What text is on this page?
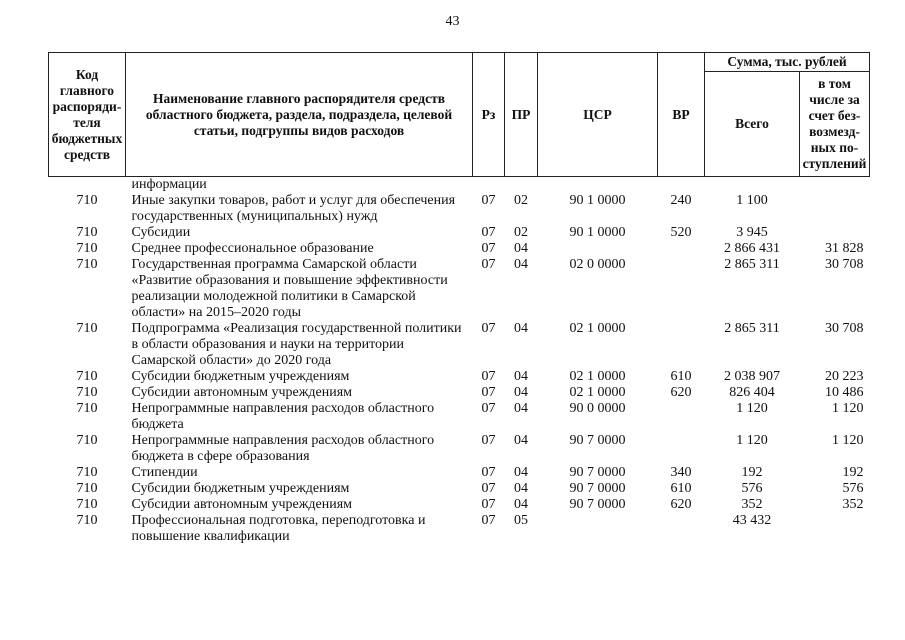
43
Код главного распорядителя бюджетных средств	Наименование главного распорядителя средств областного бюджета, раздела, подраздела, целевой статьи, подгруппы видов расходов	Рз	ПР	ЦСР	ВР	Сумма, тыс. рублей	
						Всего	в том числе за счет безвозмездных поступлений
	информации						
710	Иные закупки товаров, работ и услуг для обеспечения государственных (муниципальных) нужд	07	02	90 1 0000	240	1 100	
710	Субсидии	07	02	90 1 0000	520	3 945	
710	Среднее профессиональное образование	07	04			2 866 431	31 828
710	Государственная программа Самарской области «Развитие образования и повышение эффективности реализации молодежной политики в Самарской области» на 2015–2020 годы	07	04	02 0 0000		2 865 311	30 708
710	Подпрограмма «Реализация государственной политики в области образования и науки на территории Самарской области» до 2020 года	07	04	02 1 0000		2 865 311	30 708
710	Субсидии бюджетным учреждениям	07	04	02 1 0000	610	2 038 907	20 223
710	Субсидии автономным учреждениям	07	04	02 1 0000	620	826 404	10 486
710	Непрограммные направления расходов областного бюджета	07	04	90 0 0000		1 120	1 120
710	Непрограммные направления расходов областного бюджета в сфере образования	07	04	90 7 0000		1 120	1 120
710	Стипендии	07	04	90 7 0000	340	192	192
710	Субсидии бюджетным учреждениям	07	04	90 7 0000	610	576	576
710	Субсидии автономным учреждениям	07	04	90 7 0000	620	352	352
710	Профессиональная подготовка, переподготовка и повышение квалификации	07	05			43 432	
